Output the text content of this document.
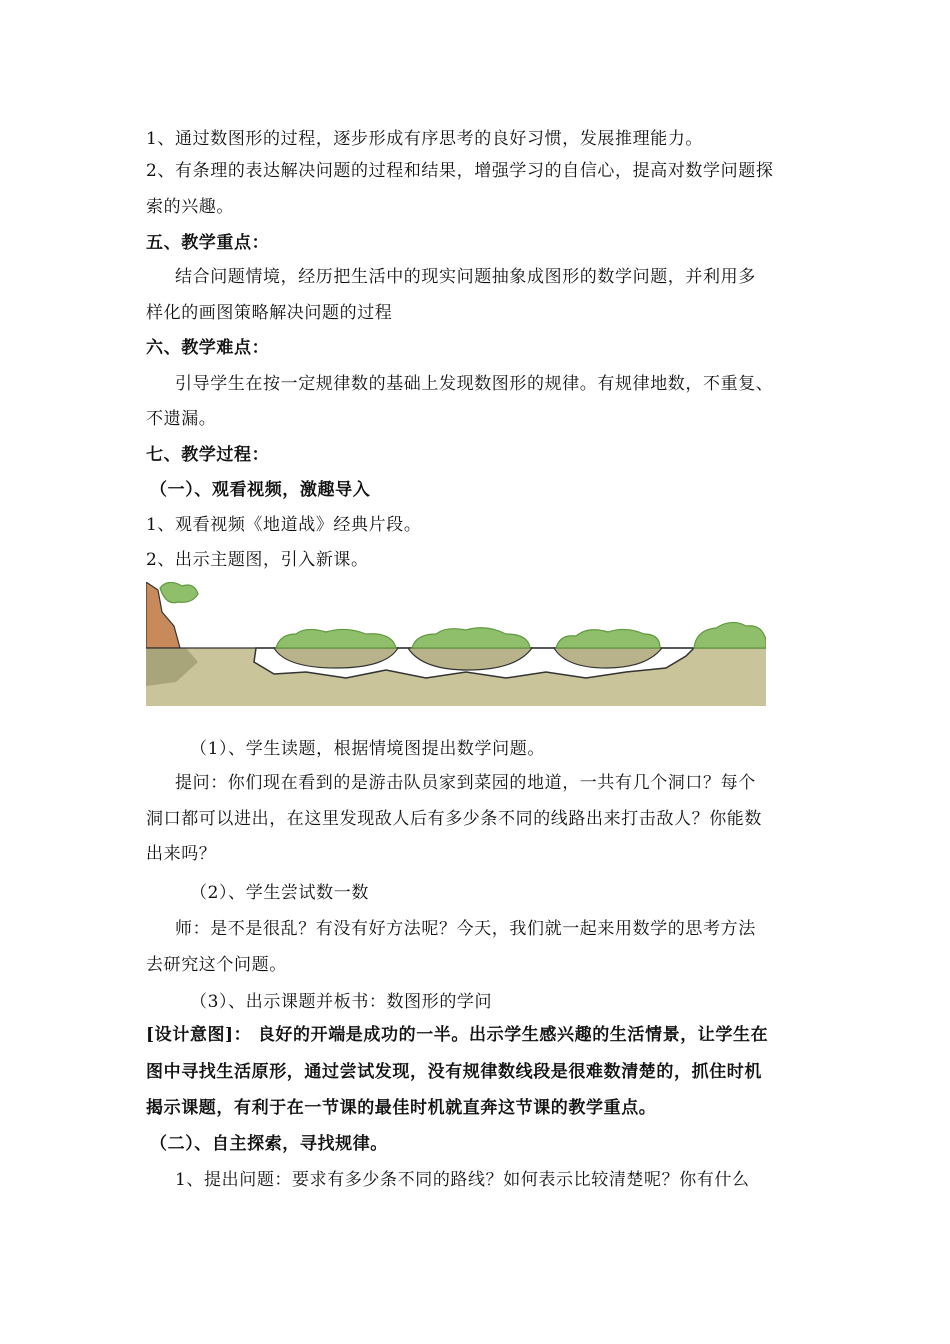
1、通过数图形的过程，逐步形成有序思考的良好习惯，发展推理能力。
2、有条理的表达解决问题的过程和结果，增强学习的自信心，提高对数学问题探
索的兴趣。
五、教学重点：
结合问题情境，经历把生活中的现实问题抽象成图形的数学问题，并利用多
样化的画图策略解决问题的过程
六、教学难点：
引导学生在按一定规律数的基础上发现数图形的规律。有规律地数，不重复、
不遗漏。
七、教学过程：
（一）、观看视频，激趣导入
1、观看视频《地道战》经典片段。
2、出示主题图，引入新课。
（1）、学生读题，根据情境图提出数学问题。
提问：你们现在看到的是游击队员家到菜园的地道，一共有几个洞口？每个
洞口都可以进出，在这里发现敌人后有多少条不同的线路出来打击敌人？你能数
出来吗？
（2）、学生尝试数一数
师：是不是很乱？有没有好方法呢？今天，我们就一起来用数学的思考方法
去研究这个问题。
（3）、出示课题并板书：数图形的学问
[设计意图]： 良好的开端是成功的一半。出示学生感兴趣的生活情景，让学生在
图中寻找生活原形，通过尝试发现，没有规律数线段是很难数清楚的，抓住时机
揭示课题，有利于在一节课的最佳时机就直奔这节课的教学重点。
（二）、自主探索，寻找规律。
1、提出问题：要求有多少条不同的路线？如何表示比较清楚呢？你有什么
